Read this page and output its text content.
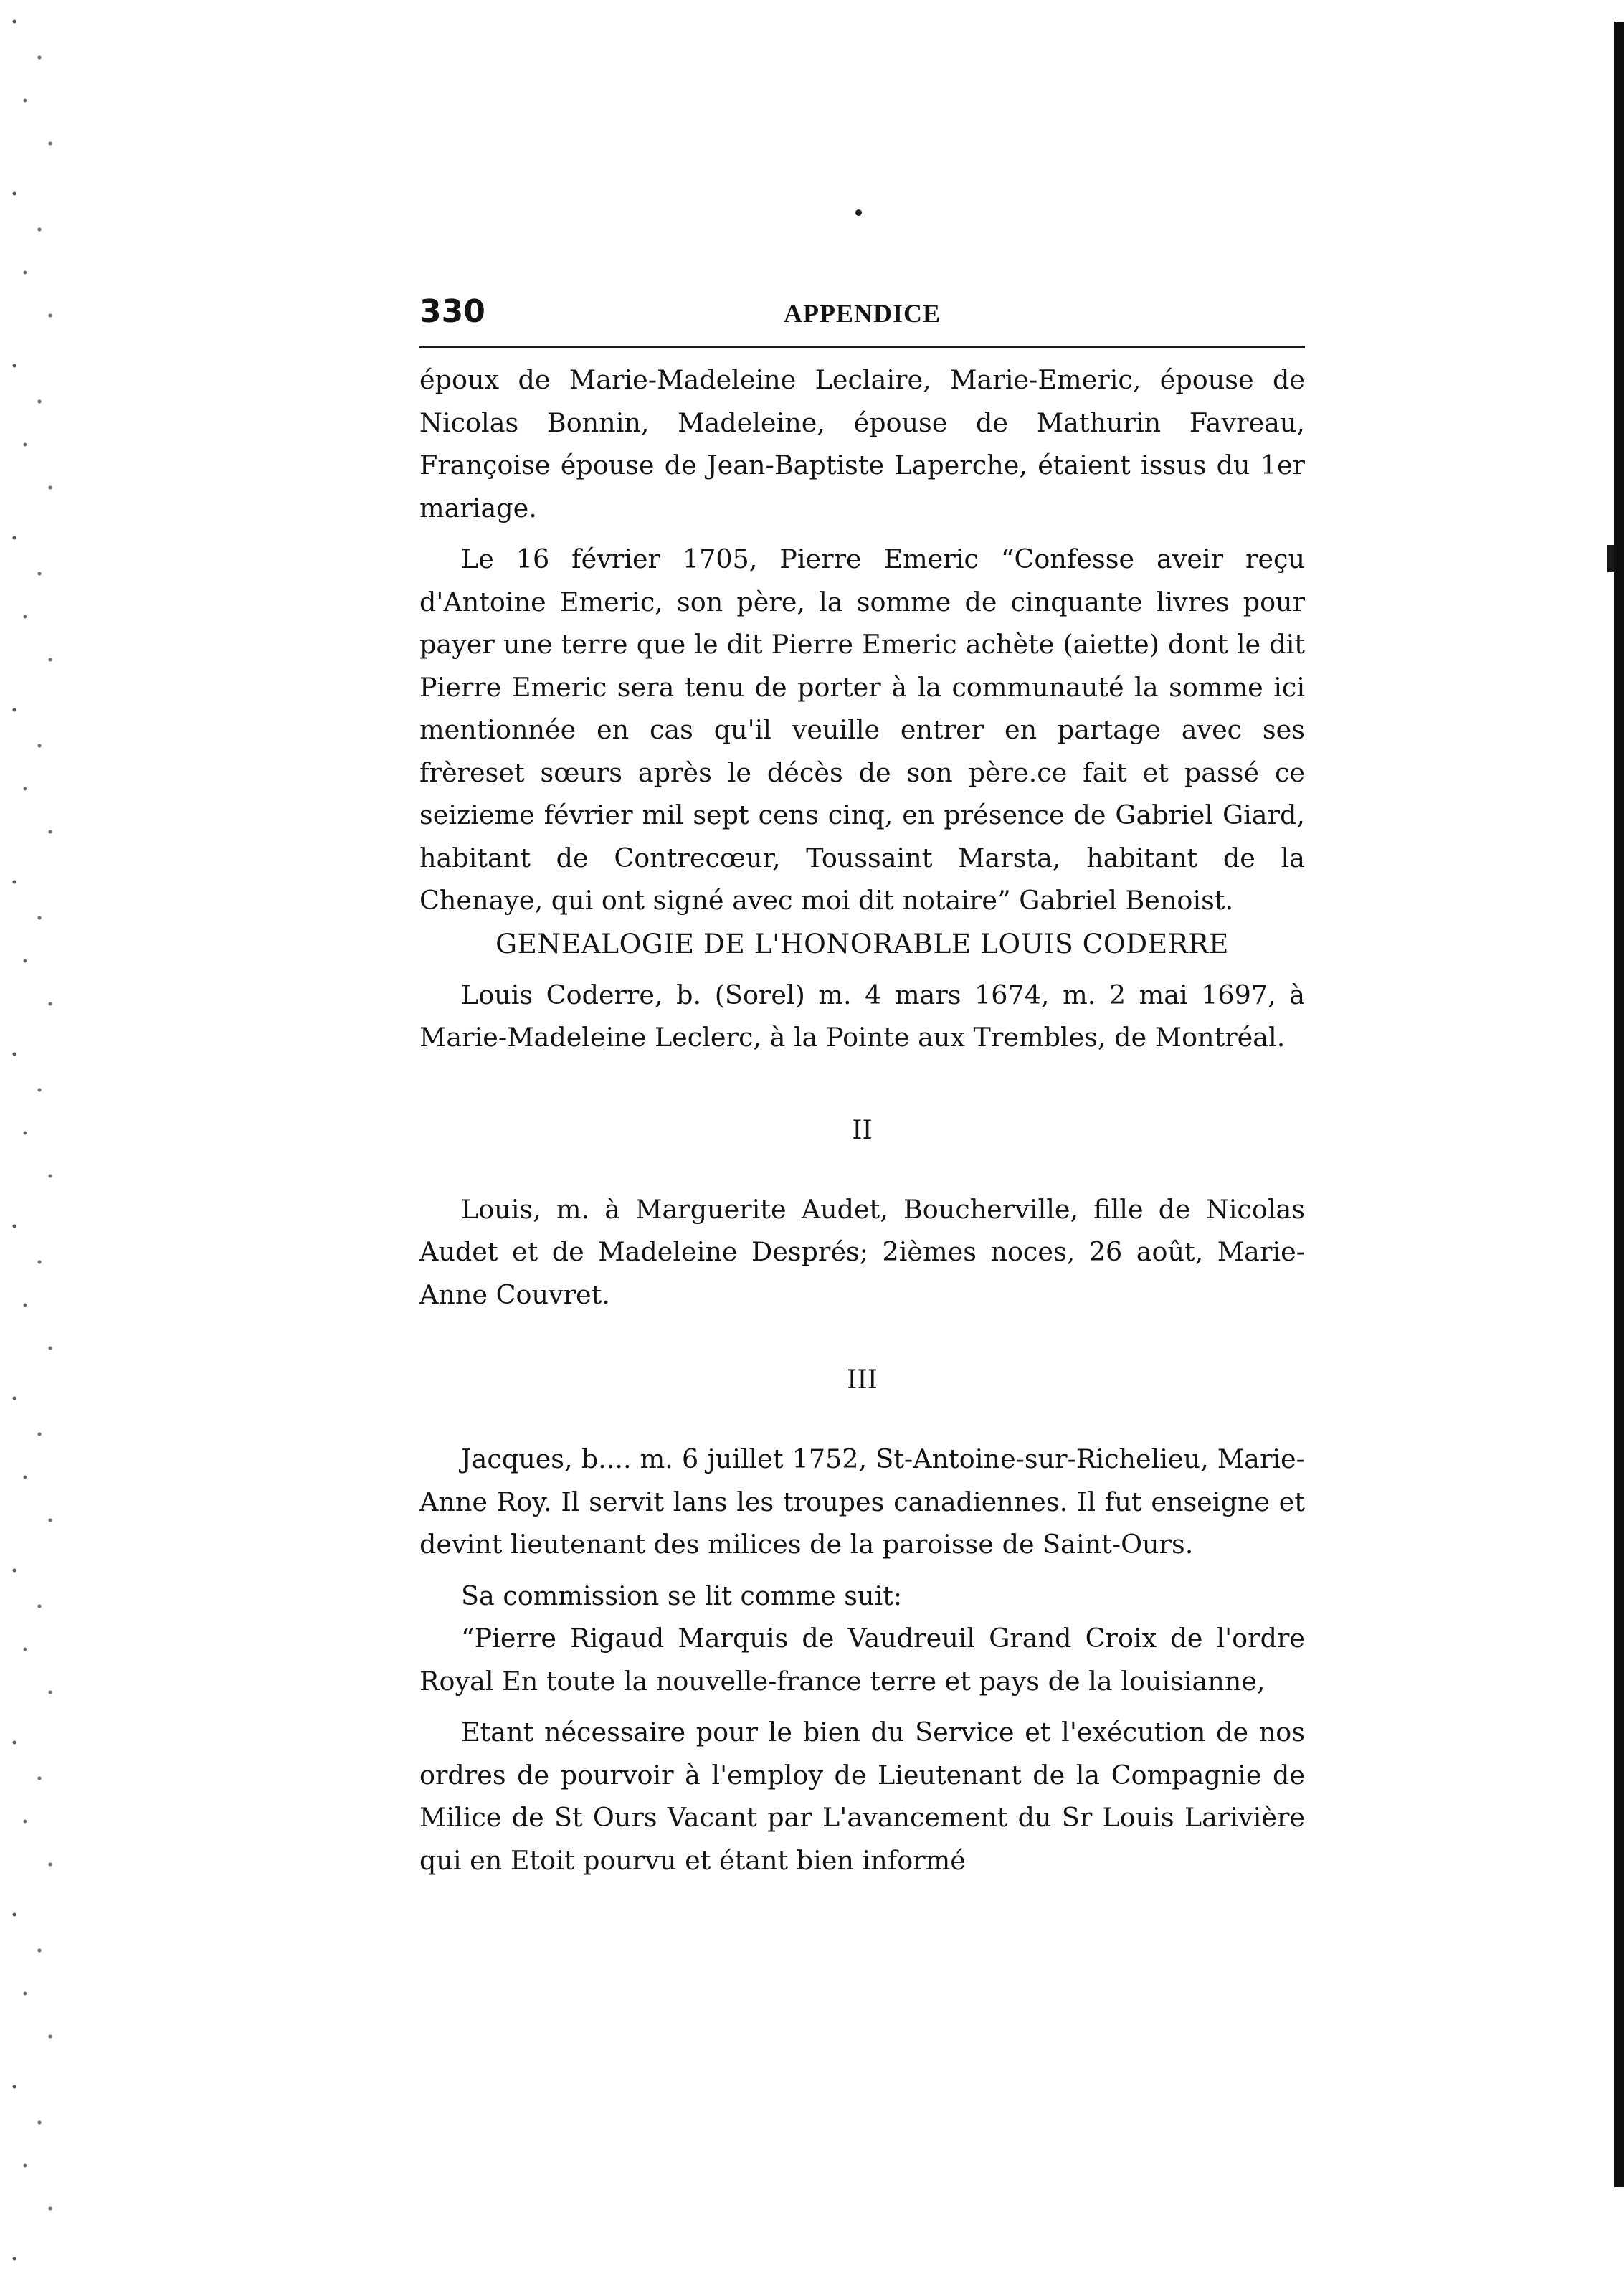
330	APPENDICE

époux de Marie-Madeleine Leclaire, Marie-Emeric, épouse de Nicolas Bonnin, Madeleine, épouse de Mathurin Favreau, Françoise épouse de Jean-Baptiste Laperche, étaient issus du 1er mariage.

Le 16 février 1705, Pierre Emeric “Confesse aveir reçu d'Antoine Emeric, son père, la somme de cinquante livres pour payer une terre que le dit Pierre Emeric achète (aiette) dont le dit Pierre Emeric sera tenu de porter à la communauté la somme ici mentionnée en cas qu'il veuille entrer en partage avec ses frèreset sœurs après le décès de son père.ce fait et passé ce seizieme février mil sept cens cinq, en présence de Gabriel Giard, habitant de Contrecœur, Toussaint Marsta, habitant de la Chenaye, qui ont signé avec moi dit notaire” Gabriel Benoist.

GENEALOGIE DE L'HONORABLE LOUIS CODERRE

Louis Coderre, b. (Sorel) m. 4 mars 1674, m. 2 mai 1697, à Marie-Madeleine Leclerc, à la Pointe aux Trembles, de Montréal.

II

Louis, m. à Marguerite Audet, Boucherville, fille de Nicolas Audet et de Madeleine Després; 2ièmes noces, 26 août, Marie-Anne Couvret.

III

Jacques, b.... m. 6 juillet 1752, St-Antoine-sur-Richelieu, Marie-Anne Roy. Il servit lans les troupes canadiennes. Il fut enseigne et devint lieutenant des milices de la paroisse de Saint-Ours.

Sa commission se lit comme suit:

“Pierre Rigaud Marquis de Vaudreuil Grand Croix de l'ordre Royal En toute la nouvelle-france terre et pays de la louisianne,

Etant nécessaire pour le bien du Service et l'exécution de nos ordres de pourvoir à l'employ de Lieutenant de la Compagnie de Milice de St Ours Vacant par L'avancement du Sr Louis Larivière qui en Etoit pourvu et étant bien informé
